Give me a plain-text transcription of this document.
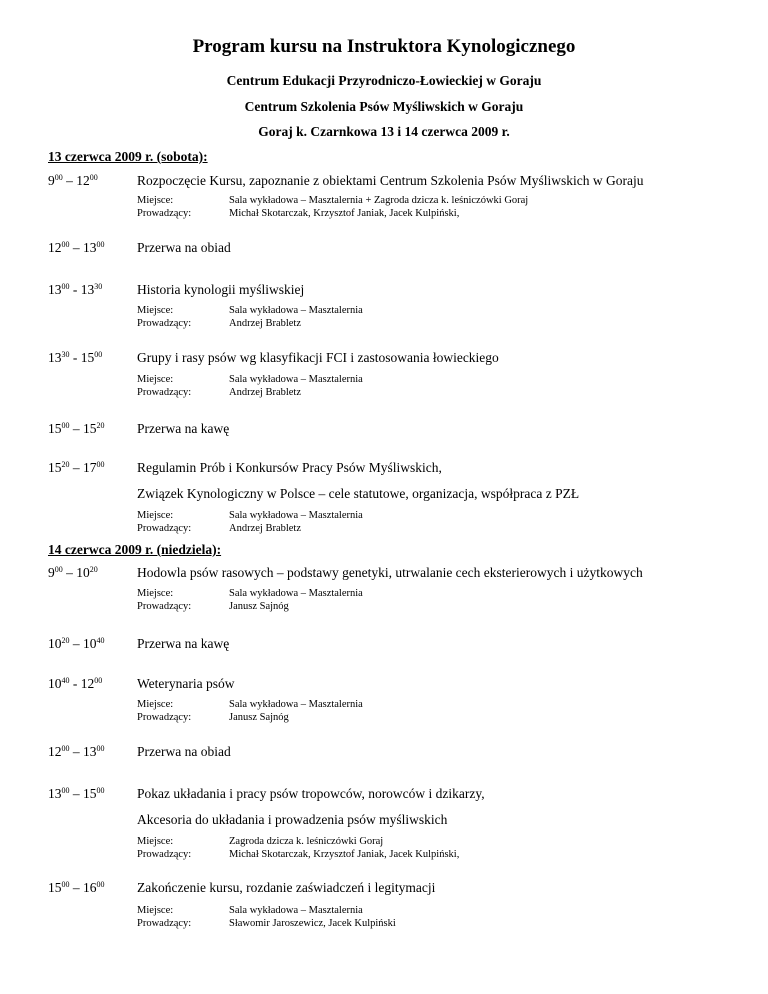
Program kursu na Instruktora Kynologicznego
Centrum Edukacji Przyrodniczo-Łowieckiej w Goraju
Centrum Szkolenia Psów Myśliwskich w Goraju
Goraj k. Czarnkowa 13 i 14 czerwca 2009 r.
13 czerwca 2009 r. (sobota):
$9^{00} - 12^{00}$	Rozpoczęcie Kursu, zapoznanie z obiektami Centrum Szkolenia Psów Myśliwskich w Goraju
Miejsce:	Sala wykładowa – Masztalernia + Zagroda dzicza k. leśniczówki Goraj
Prowadzący:	Michał Skotarczak, Krzysztof Janiak, Jacek Kulpiński,
$12^{00} - 13^{00}$ Przerwa na obiad
$13^{00} - 13^{30}$	Historia kynologii myśliwskiej
Miejsce:	Sala wykładowa – Masztalernia
Prowadzący:	Andrzej Brabletz
$13^{30} - 15^{00}$	Grupy i rasy psów wg klasyfikacji FCI i zastosowania łowieckiego
Miejsce:	Sala wykładowa – Masztalernia
Prowadzący:	Andrzej Brabletz
$15^{00} - 15^{20}$ Przerwa na kawę
$15^{20} - 17^{00}$ Regulamin Prób i Konkursów Pracy Psów Myśliwskich,
Związek Kynologiczny w Polsce – cele statutowe, organizacja, współpraca z PZŁ
Miejsce:	Sala wykładowa – Masztalernia
Prowadzący:	Andrzej Brabletz
14 czerwca 2009 r. (niedziela):
$9^{00} - 10^{20}$	Hodowla psów rasowych – podstawy genetyki, utrwalanie cech eksterierowych i użytkowych
Miejsce:	Sala wykładowa – Masztalernia
Prowadzący:	Janusz Sajnóg
$10^{20} - 10^{40}$ Przerwa na kawę
$10^{40} - 12^{00}$	Weterynaria psów
Miejsce:	Sala wykładowa – Masztalernia
Prowadzący:	Janusz Sajnóg
$12^{00} - 13^{00}$ Przerwa na obiad
$13^{00} - 15^{00}$ Pokaz układania i pracy psów tropowców, norowców i dzikarzy,
Akcesoria do układania i prowadzenia psów myśliwskich
Miejsce:	Zagroda dzicza k. leśniczówki Goraj
Prowadzący:	Michał Skotarczak, Krzysztof Janiak, Jacek Kulpiński,
$15^{00} - 16^{00}$ Zakończenie kursu, rozdanie zaświadczeń i legitymacji
Miejsce:	Sala wykładowa – Masztalernia
Prowadzący:	Sławomir Jaroszewicz, Jacek Kulpiński
